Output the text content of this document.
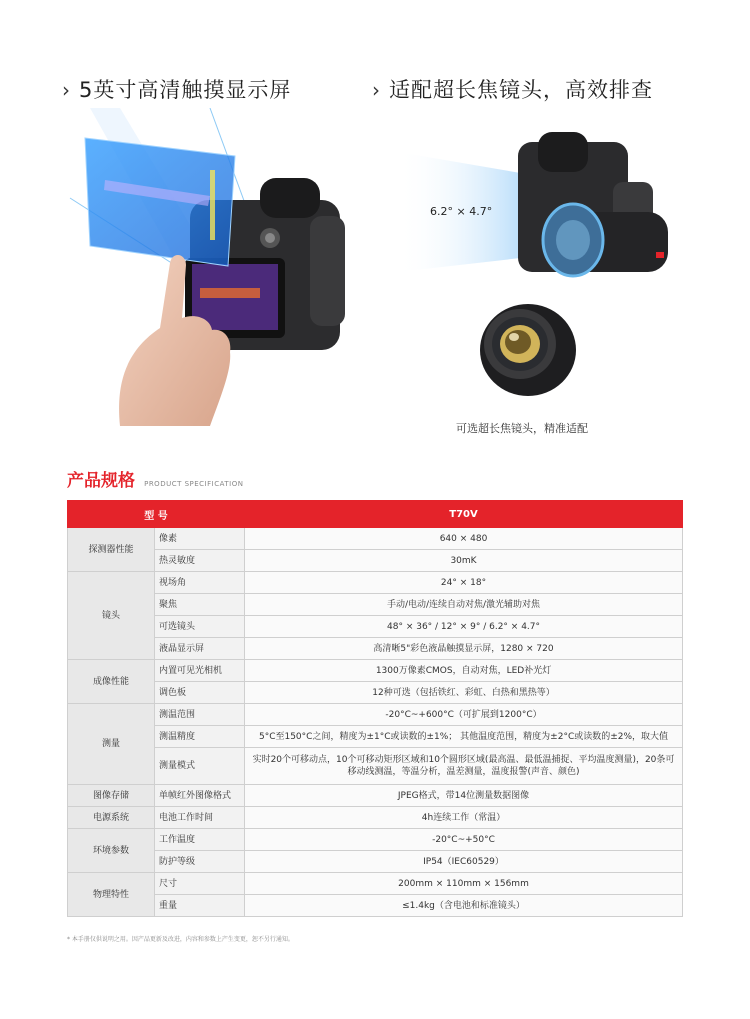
› 5英寸高清触摸显示屏	› 适配超长焦镜头，高效排查
6.2° × 4.7°
可选超长焦镜头，精准适配
产品规格 PRODUCT SPECIFICATION
型 号		T70V
探测器性能	像素	640 × 480
	热灵敏度	30mK
镜头	视场角	24° × 18°
	聚焦	手动/电动/连续自动对焦/激光辅助对焦
	可选镜头	48° × 36° / 12° × 9° / 6.2° × 4.7°
	液晶显示屏	高清晰5"彩色液晶触摸显示屏，1280 × 720
成像性能	内置可见光相机	1300万像素CMOS，自动对焦，LED补光灯
	调色板	12种可选（包括铁红、彩虹、白热和黑热等）
测量	测温范围	-20°C~+600°C（可扩展到1200°C）
	测温精度	5°C至150°C之间，精度为±1°C或读数的±1%； 其他温度范围，精度为±2°C或读数的±2%，取大值
	测量模式	实时20个可移动点，10个可移动矩形区域和10个圆形区域(最高温、最低温捕捉、平均温度测量)，20条可移动线测温，等温分析，温差测量，温度报警(声音、颜色)
图像存储	单帧红外图像格式	JPEG格式，带14位测量数据图像
电源系统	电池工作时间	4h连续工作（常温）
环境参数	工作温度	-20°C~+50°C
	防护等级	IP54（IEC60529）
物理特性	尺寸	200mm × 110mm × 156mm
	重量	≤1.4kg（含电池和标准镜头）
* 本手册仅供说明之用。因产品更新及改进，内容和参数上产生变更，恕不另行通知。
